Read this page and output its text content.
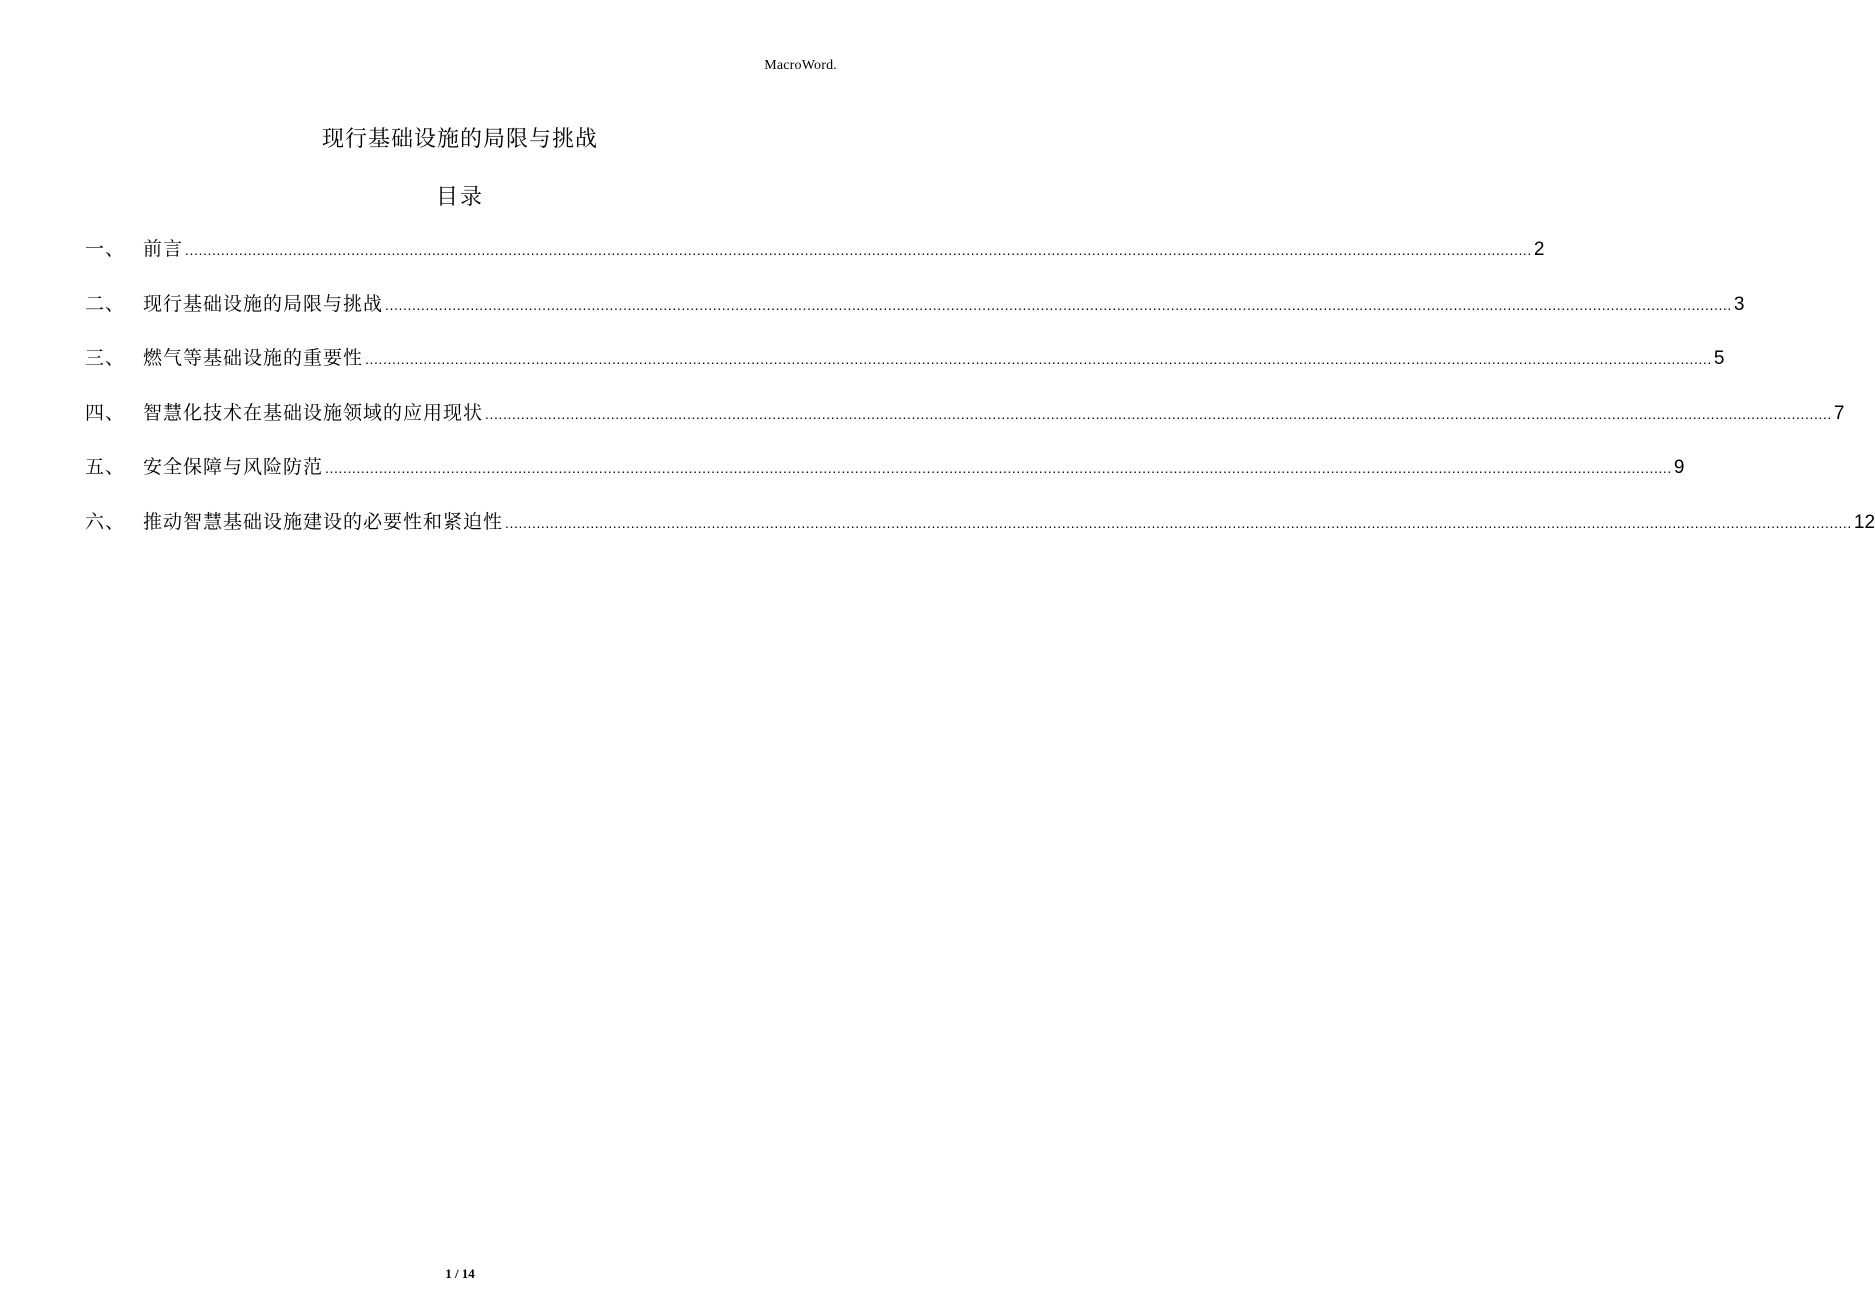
MacroWord.
现行基础设施的局限与挑战
目录
一、 前言 ............................................................................................................................................................................................................................................................................................................ 2
二、 现行基础设施的局限与挑战 ............................................................................................................................................................................................................................................................................................................ 3
三、 燃气等基础设施的重要性 ............................................................................................................................................................................................................................................................................................................ 5
四、 智慧化技术在基础设施领域的应用现状 ............................................................................................................................................................................................................................................................................................................ 7
五、 安全保障与风险防范 ............................................................................................................................................................................................................................................................................................................ 9
六、 推动智慧基础设施建设的必要性和紧迫性 ............................................................................................................................................................................................................................................................................................................ 12
1 / 14
